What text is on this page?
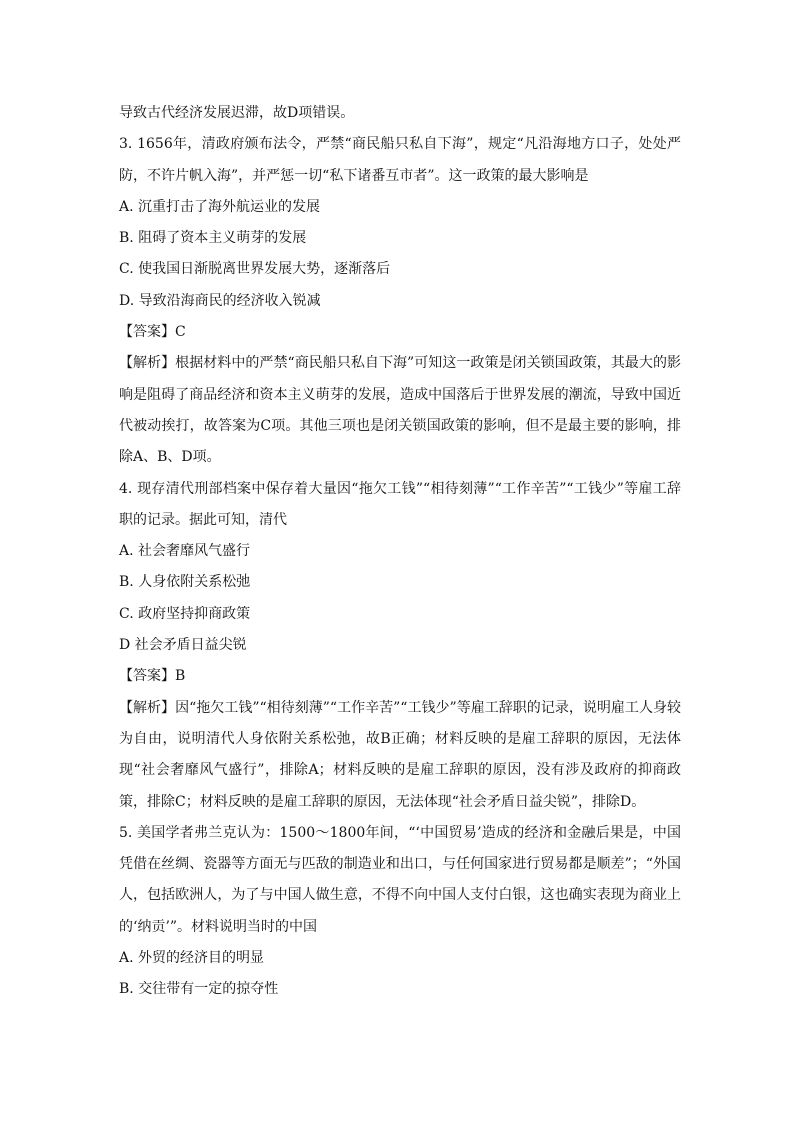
导致古代经济发展迟滞，故D项错误。

3. 1656年，清政府颁布法令，严禁“商民船只私自下海”，规定“凡沿海地方口子，处处严防，不许片帆入海”，并严惩一切“私下诸番互市者”。这一政策的最大影响是

A. 沉重打击了海外航运业的发展

B. 阻碍了资本主义萌芽的发展

C. 使我国日渐脱离世界发展大势，逐渐落后

D. 导致沿海商民的经济收入锐减

【答案】C

【解析】根据材料中的严禁“商民船只私自下海”可知这一政策是闭关锁国政策，其最大的影响是阻碍了商品经济和资本主义萌芽的发展，造成中国落后于世界发展的潮流，导致中国近代被动挨打，故答案为C项。其他三项也是闭关锁国政策的影响，但不是最主要的影响，排除A、B、D项。

4. 现存清代刑部档案中保存着大量因“拖欠工钱”“相待刻薄”“工作辛苦”“工钱少”等雇工辞职的记录。据此可知，清代

A. 社会奢靡风气盛行

B. 人身依附关系松弛

C. 政府坚持抑商政策

D 社会矛盾日益尖锐

【答案】B

【解析】因“拖欠工钱”“相待刻薄”“工作辛苦”“工钱少”等雇工辞职的记录，说明雇工人身较为自由，说明清代人身依附关系松弛，故B正确；材料反映的是雇工辞职的原因，无法体现“社会奢靡风气盛行”，排除A；材料反映的是雇工辞职的原因，没有涉及政府的抑商政策，排除C；材料反映的是雇工辞职的原因，无法体现“社会矛盾日益尖锐”，排除D。

5. 美国学者弗兰克认为：1500～1800年间，“‘中国贸易’造成的经济和金融后果是，中国凭借在丝绸、瓷器等方面无与匹敌的制造业和出口，与任何国家进行贸易都是顺差”；“外国人，包括欧洲人，为了与中国人做生意，不得不向中国人支付白银，这也确实表现为商业上的‘纳贡’”。材料说明当时的中国

A. 外贸的经济目的明显

B. 交往带有一定的掠夺性
